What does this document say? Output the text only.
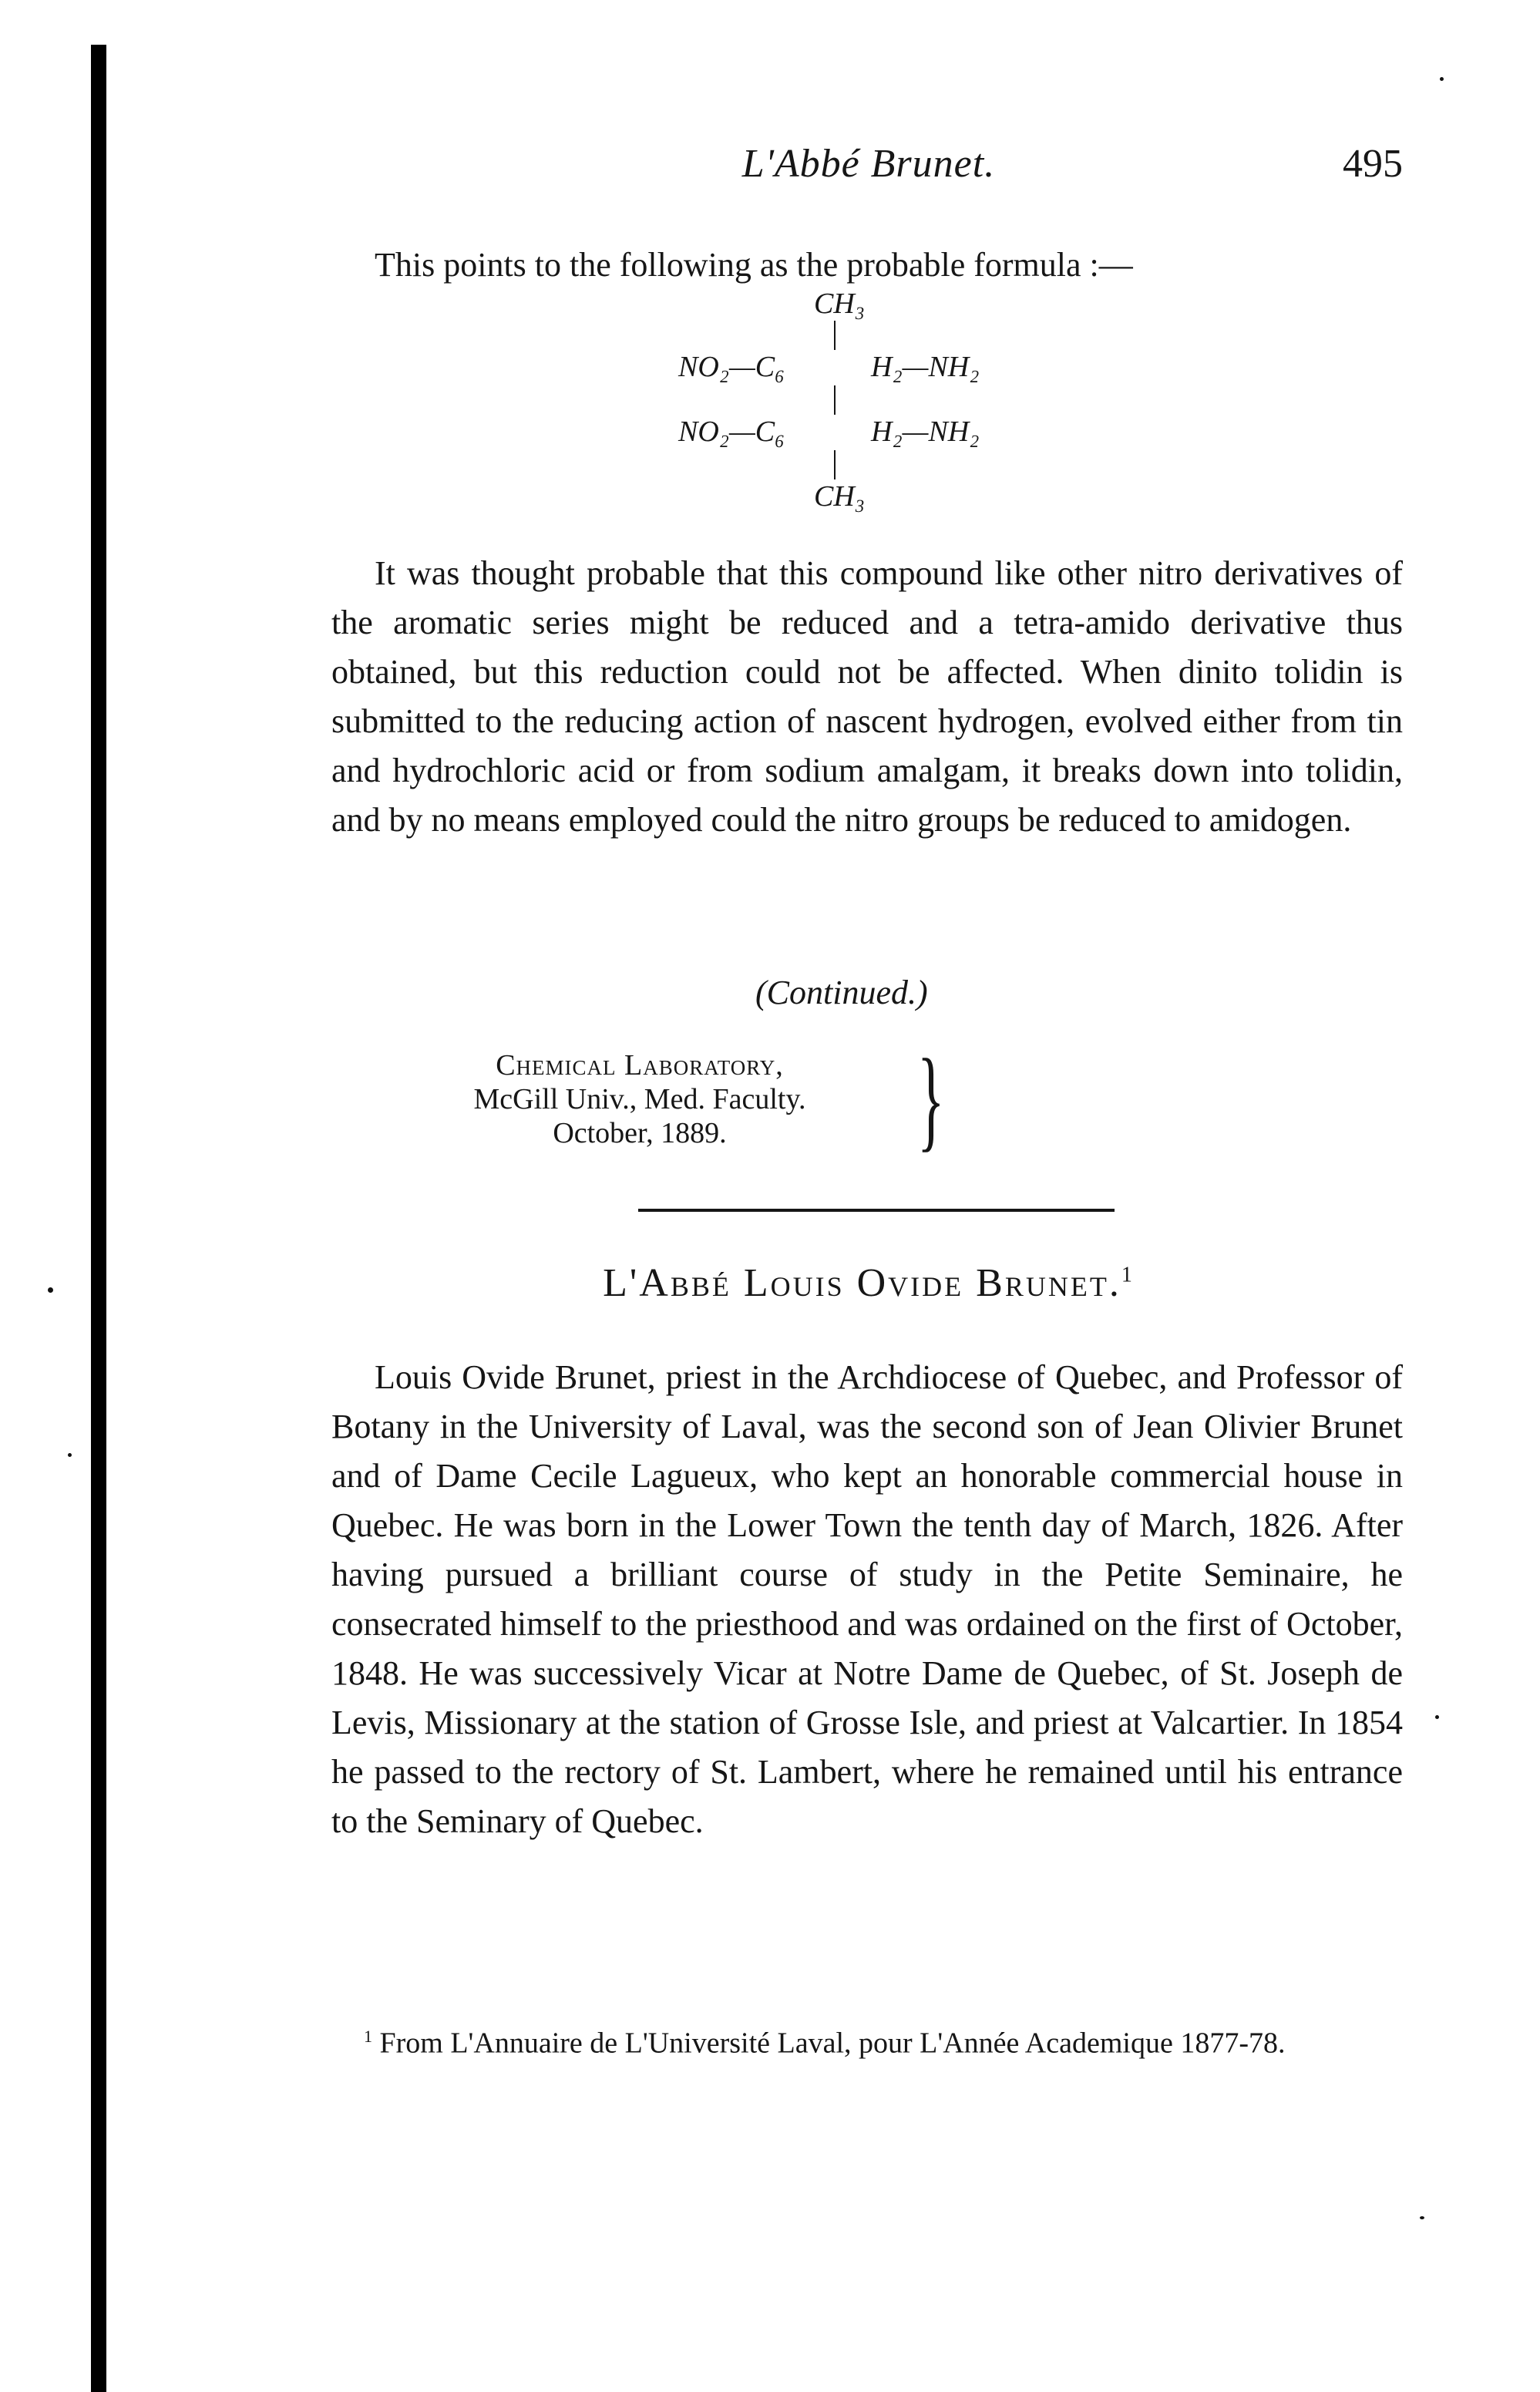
L'Abbé Brunet.	495

This points to the following as the probable formula :—

CH₃
NO₂—C₆	H₂—NH₂
NO₂—C₆	H₂—NH₂
CH₃

It was thought probable that this compound like other nitro derivatives of the aromatic series might be reduced and a tetra-amido derivative thus obtained, but this reduction could not be affected. When dinito tolidin is submitted to the reducing action of nascent hydrogen, evolved either from tin and hydrochloric acid or from sodium amalgam, it breaks down into tolidin, and by no means employed could the nitro groups be reduced to amidogen.

(Continued.)
Chemical Laboratory,
McGill Univ., Med. Faculty.
October, 1889.	}
L'Abbé Louis Ovide Brunet.$^1$

Louis Ovide Brunet, priest in the Archdiocese of Quebec, and Professor of Botany in the University of Laval, was the second son of Jean Olivier Brunet and of Dame Cecile Lagueux, who kept an honorable commercial house in Quebec. He was born in the Lower Town the tenth day of March, 1826. After having pursued a brilliant course of study in the Petite Seminaire, he consecrated himself to the priesthood and was ordained on the first of October, 1848. He was successively Vicar at Notre Dame de Quebec, of St. Joseph de Levis, Missionary at the station of Grosse Isle, and priest at Valcartier. In 1854 he passed to the rectory of St. Lambert, where he remained until his entrance to the Seminary of Quebec.

$^1$ From L'Annuaire de L'Université Laval, pour L'Année Academique 1877-78.
